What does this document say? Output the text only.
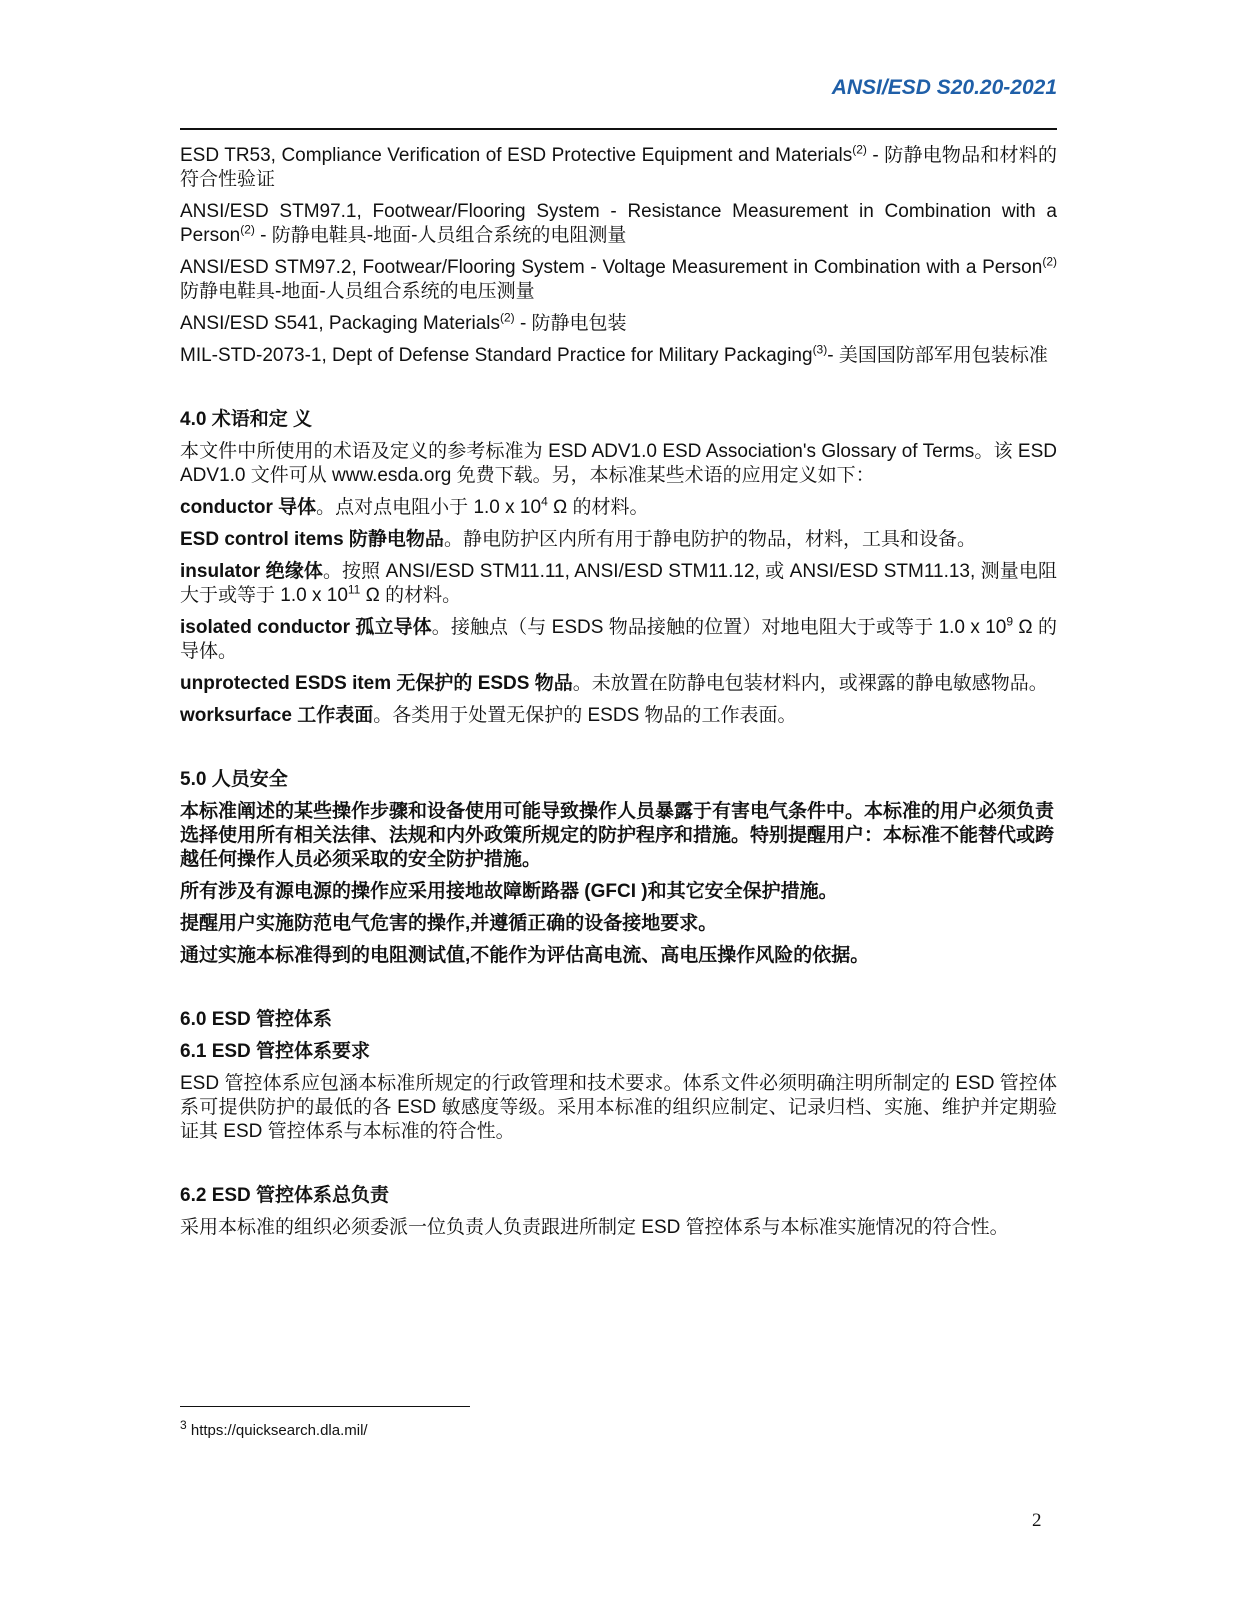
ANSI/ESD S20.20-2021

ESD TR53, Compliance Verification of ESD Protective Equipment and Materials$^{(2)}$ - 防静电物品和材料的符合性验证

ANSI/ESD STM97.1, Footwear/Flooring System - Resistance Measurement in Combination with a Person$^{(2)}$ - 防静电鞋具-地面-人员组合系统的电阻测量

ANSI/ESD STM97.2, Footwear/Flooring System - Voltage Measurement in Combination with a Person$^{(2)}$ 防静电鞋具-地面-人员组合系统的电压测量

ANSI/ESD S541, Packaging Materials$^{(2)}$ - 防静电包装

MIL-STD-2073-1, Dept of Defense Standard Practice for Military Packaging$^{(3)}$- 美国国防部军用包装标准

4.0 术语和定 义

本文件中所使用的术语及定义的参考标准为 ESD ADV1.0 ESD Association's Glossary of Terms。该 ESD ADV1.0 文件可从 www.esda.org 免费下载。另，本标准某些术语的应用定义如下：

conductor 导体。点对点电阻小于 1.0 x $10^4$ Ω 的材料。

ESD control items 防静电物品。静电防护区内所有用于静电防护的物品，材料，工具和设备。

insulator 绝缘体。按照 ANSI/ESD STM11.11, ANSI/ESD STM11.12, 或 ANSI/ESD STM11.13, 测量电阻大于或等于 1.0 x $10^{11}$ Ω 的材料。

isolated conductor 孤立导体。接触点（与 ESDS 物品接触的位置）对地电阻大于或等于 1.0 x $10^9$ Ω 的导体。

unprotected ESDS item 无保护的 ESDS 物品。未放置在防静电包装材料内，或裸露的静电敏感物品。

worksurface 工作表面。各类用于处置无保护的 ESDS 物品的工作表面。

5.0 人员安全

本标准阐述的某些操作步骤和设备使用可能导致操作人员暴露于有害电气条件中。本标准的用户必须负责选择使用所有相关法律、法规和内外政策所规定的防护程序和措施。特别提醒用户：本标准不能替代或跨越任何操作人员必须采取的安全防护措施。

所有涉及有源电源的操作应采用接地故障断路器 (GFCI )和其它安全保护措施。

提醒用户实施防范电气危害的操作,并遵循正确的设备接地要求。

通过实施本标准得到的电阻测试值,不能作为评估高电流、高电压操作风险的依据。

6.0 ESD 管控体系

6.1 ESD 管控体系要求

ESD 管控体系应包涵本标准所规定的行政管理和技术要求。体系文件必须明确注明所制定的 ESD 管控体系可提供防护的最低的各 ESD 敏感度等级。采用本标准的组织应制定、记录归档、实施、维护并定期验证其 ESD 管控体系与本标准的符合性。

6.2 ESD 管控体系总负责

采用本标准的组织必须委派一位负责人负责跟进所制定 ESD 管控体系与本标准实施情况的符合性。

$^3$ https://quicksearch.dla.mil/
2
